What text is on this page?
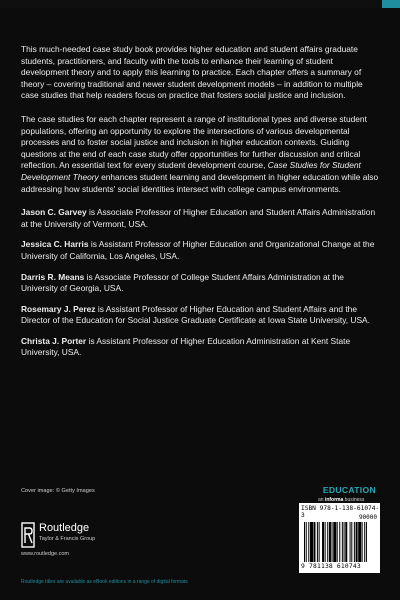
This much-needed case study book provides higher education and student affairs graduate students, practitioners, and faculty with the tools to enhance their learning of student development theory and to apply this learning to practice. Each chapter offers a summary of theory – covering traditional and newer student development models – in addition to multiple case studies that help readers focus on practice that fosters social justice and inclusion.

The case studies for each chapter represent a range of institutional types and diverse student populations, offering an opportunity to explore the intersections of various developmental processes and to foster social justice and inclusion in higher education contexts. Guiding questions at the end of each case study offer opportunities for further discussion and critical reflection. An essential text for every student development course, Case Studies for Student Development Theory enhances student learning and development in higher education while also addressing how students' social identities intersect with college campus environments.

Jason C. Garvey is Associate Professor of Higher Education and Student Affairs Administration at the University of Vermont, USA.

Jessica C. Harris is Assistant Professor of Higher Education and Organizational Change at the University of California, Los Angeles, USA.

Darris R. Means is Associate Professor of College Student Affairs Administration at the University of Georgia, USA.

Rosemary J. Perez is Assistant Professor of Higher Education and Student Affairs and the Director of the Education for Social Justice Graduate Certificate at Iowa State University, USA.

Christa J. Porter is Assistant Professor of Higher Education Administration at Kent State University, USA.

Cover image: © Getty Images	EDUCATION
Routledge
Taylor & Francis Group
www.routledge.com
an informa business
ISBN 978-1-138-61074-3	90000
9 781138 610743
Routledge titles are available as eBook editions in a range of digital formats
